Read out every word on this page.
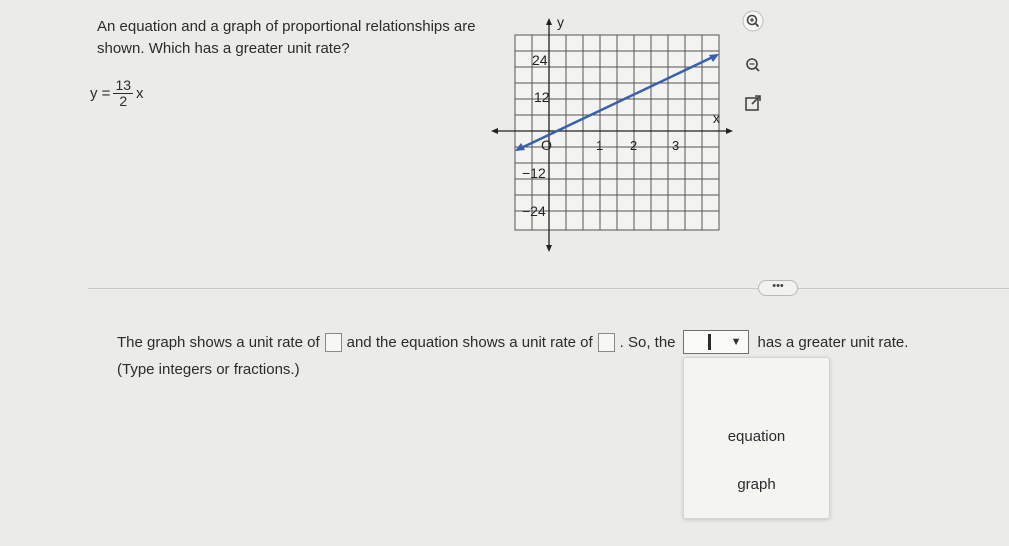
An equation and a graph of proportional relationships are shown. Which has a greater unit rate?

$y = \frac{13}{2}$ x
y
x
O	1 2	3
24
12
−12
−24
•••
The graph shows a unit rate of and the equation shows a unit rate of . So, the	▼ has a greater unit rate.

(Type integers or fractions.)

equation
graph
